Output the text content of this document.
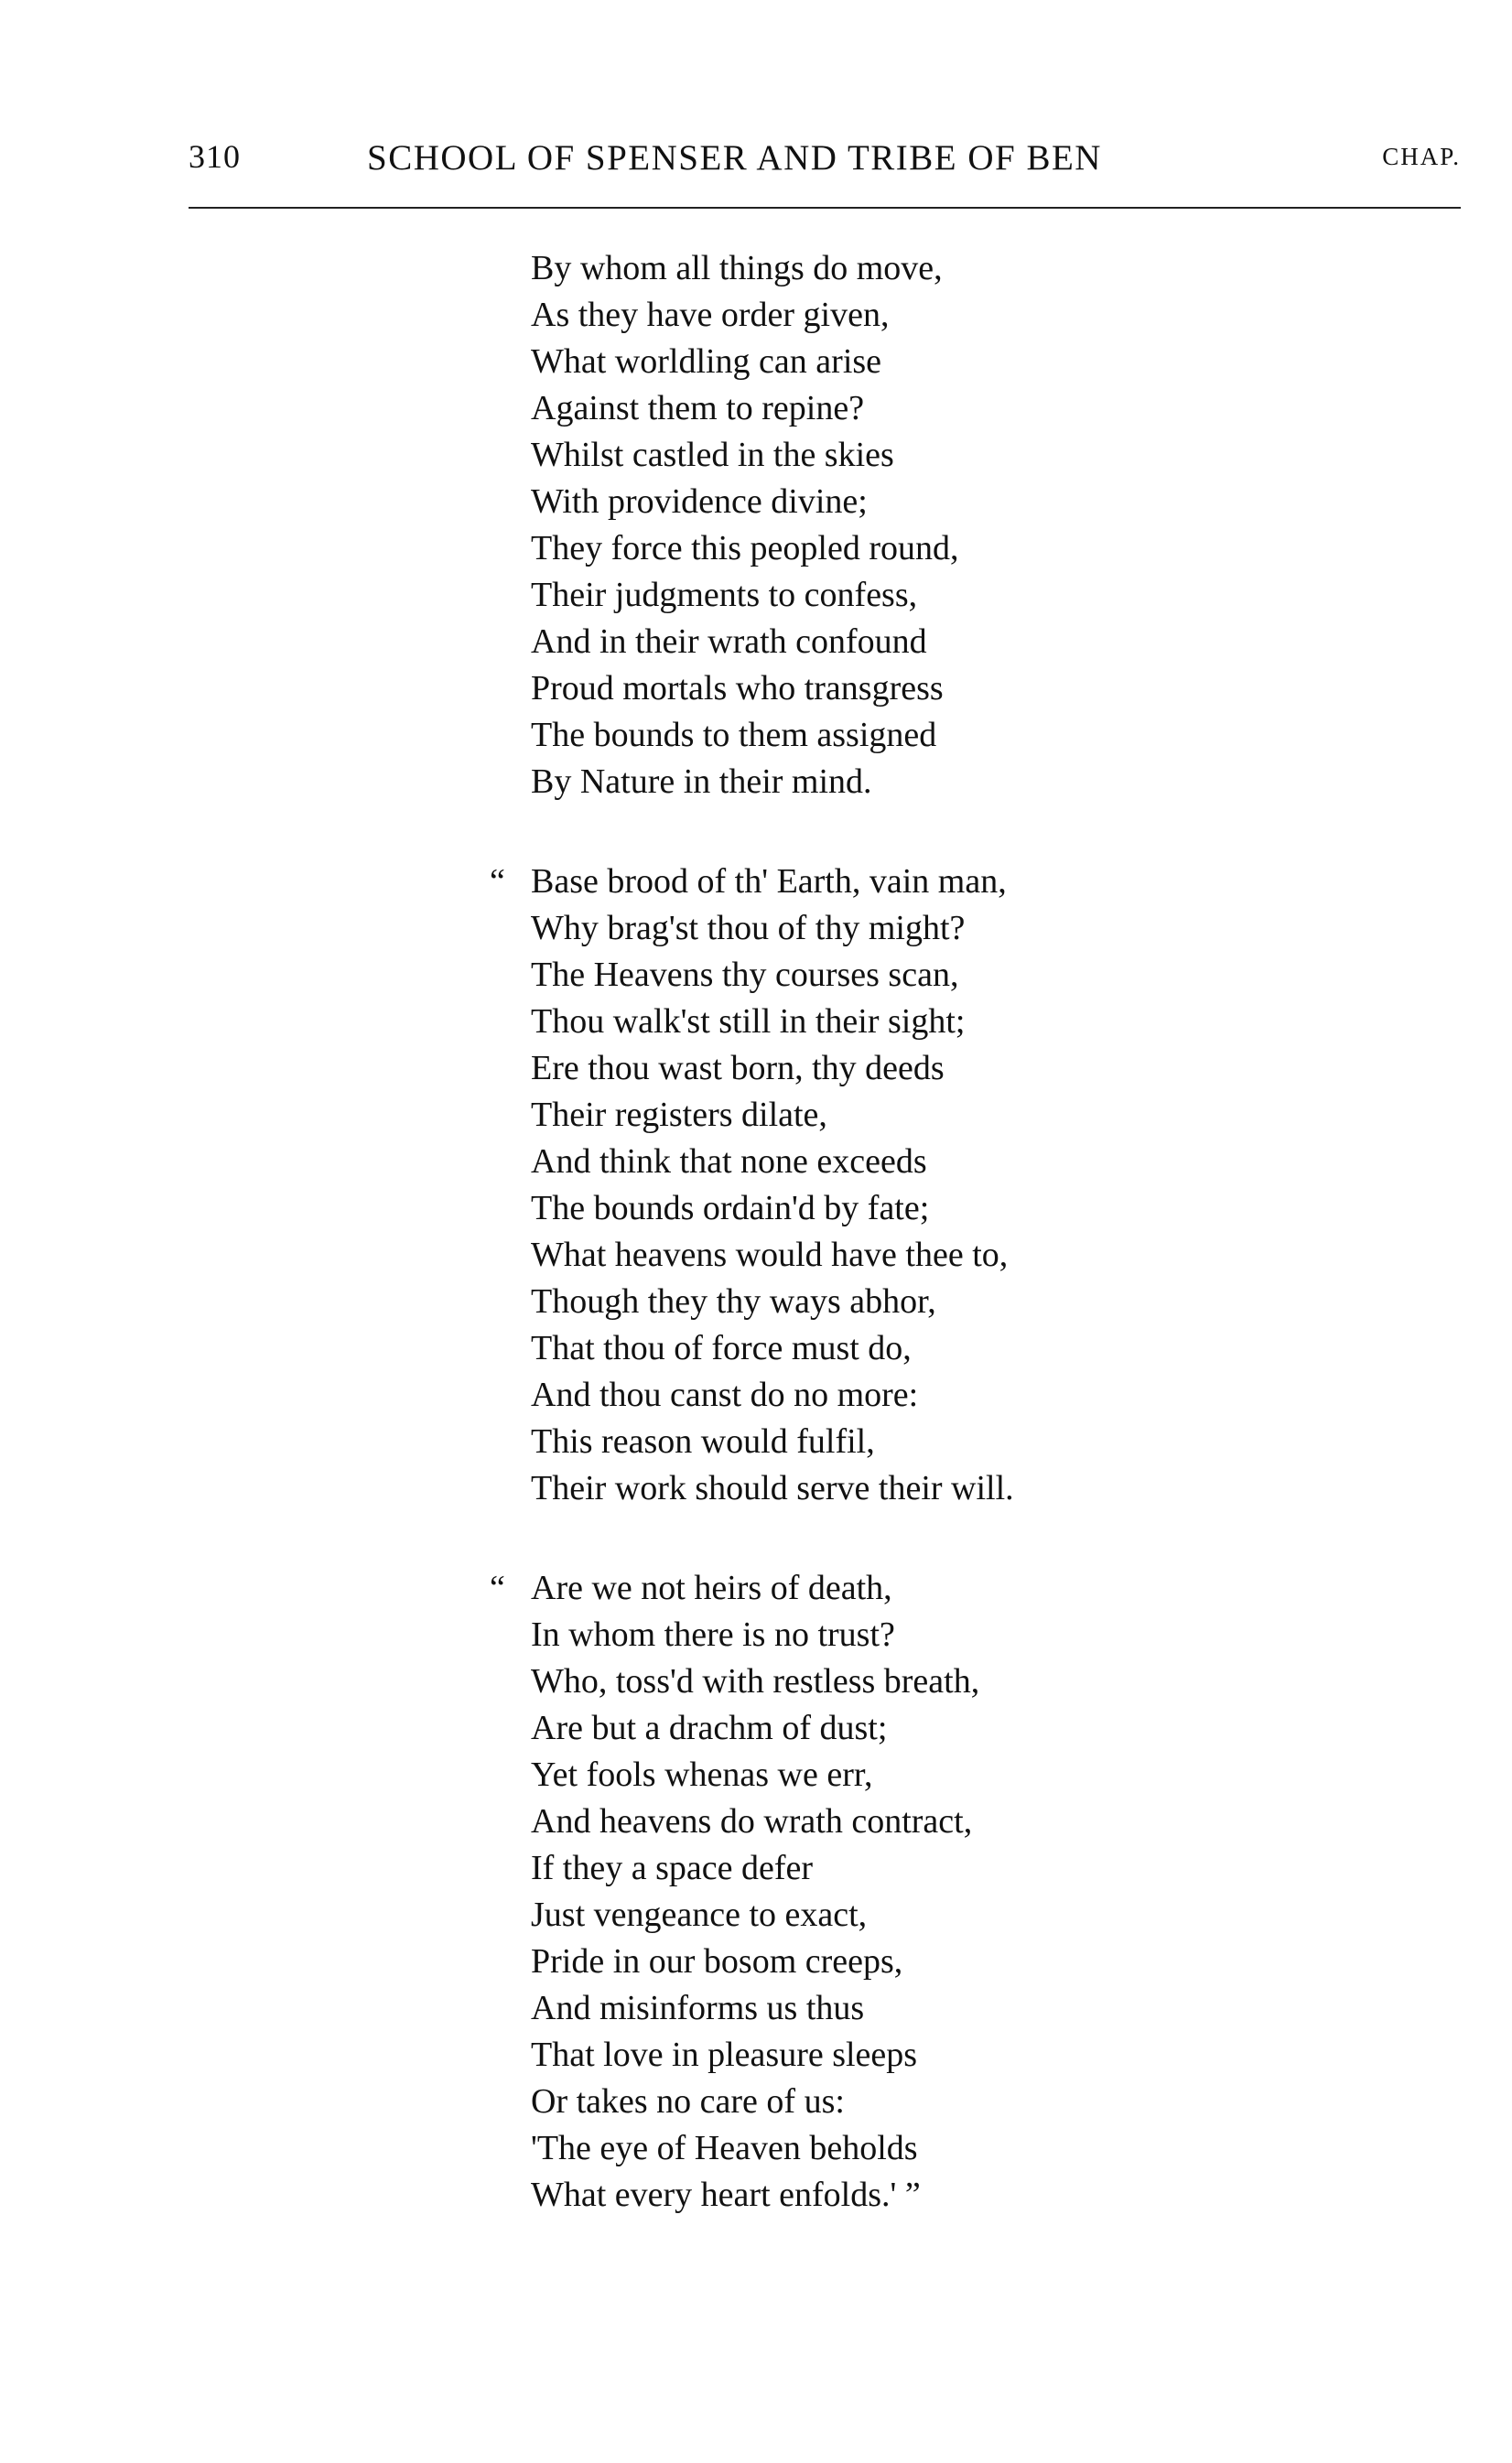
310	SCHOOL OF SPENSER AND TRIBE OF BEN	CHAP.
By whom all things do move,
As they have order given,
What worldling can arise
Against them to repine?
Whilst castled in the skies
With providence divine;
They force this peopled round,
Their judgments to confess,
And in their wrath confound
Proud mortals who transgress
The bounds to them assigned
By Nature in their mind.
“ Base brood of th' Earth, vain man,
Why brag'st thou of thy might?
The Heavens thy courses scan,
Thou walk'st still in their sight;
Ere thou wast born, thy deeds
Their registers dilate,
And think that none exceeds
The bounds ordain'd by fate;
What heavens would have thee to,
Though they thy ways abhor,
That thou of force must do,
And thou canst do no more:
This reason would fulfil,
Their work should serve their will.
“ Are we not heirs of death,
In whom there is no trust?
Who, toss'd with restless breath,
Are but a drachm of dust;
Yet fools whenas we err,
And heavens do wrath contract,
If they a space defer
Just vengeance to exact,
Pride in our bosom creeps,
And misinforms us thus
That love in pleasure sleeps
Or takes no care of us:
'The eye of Heaven beholds
What every heart enfolds.' ”
